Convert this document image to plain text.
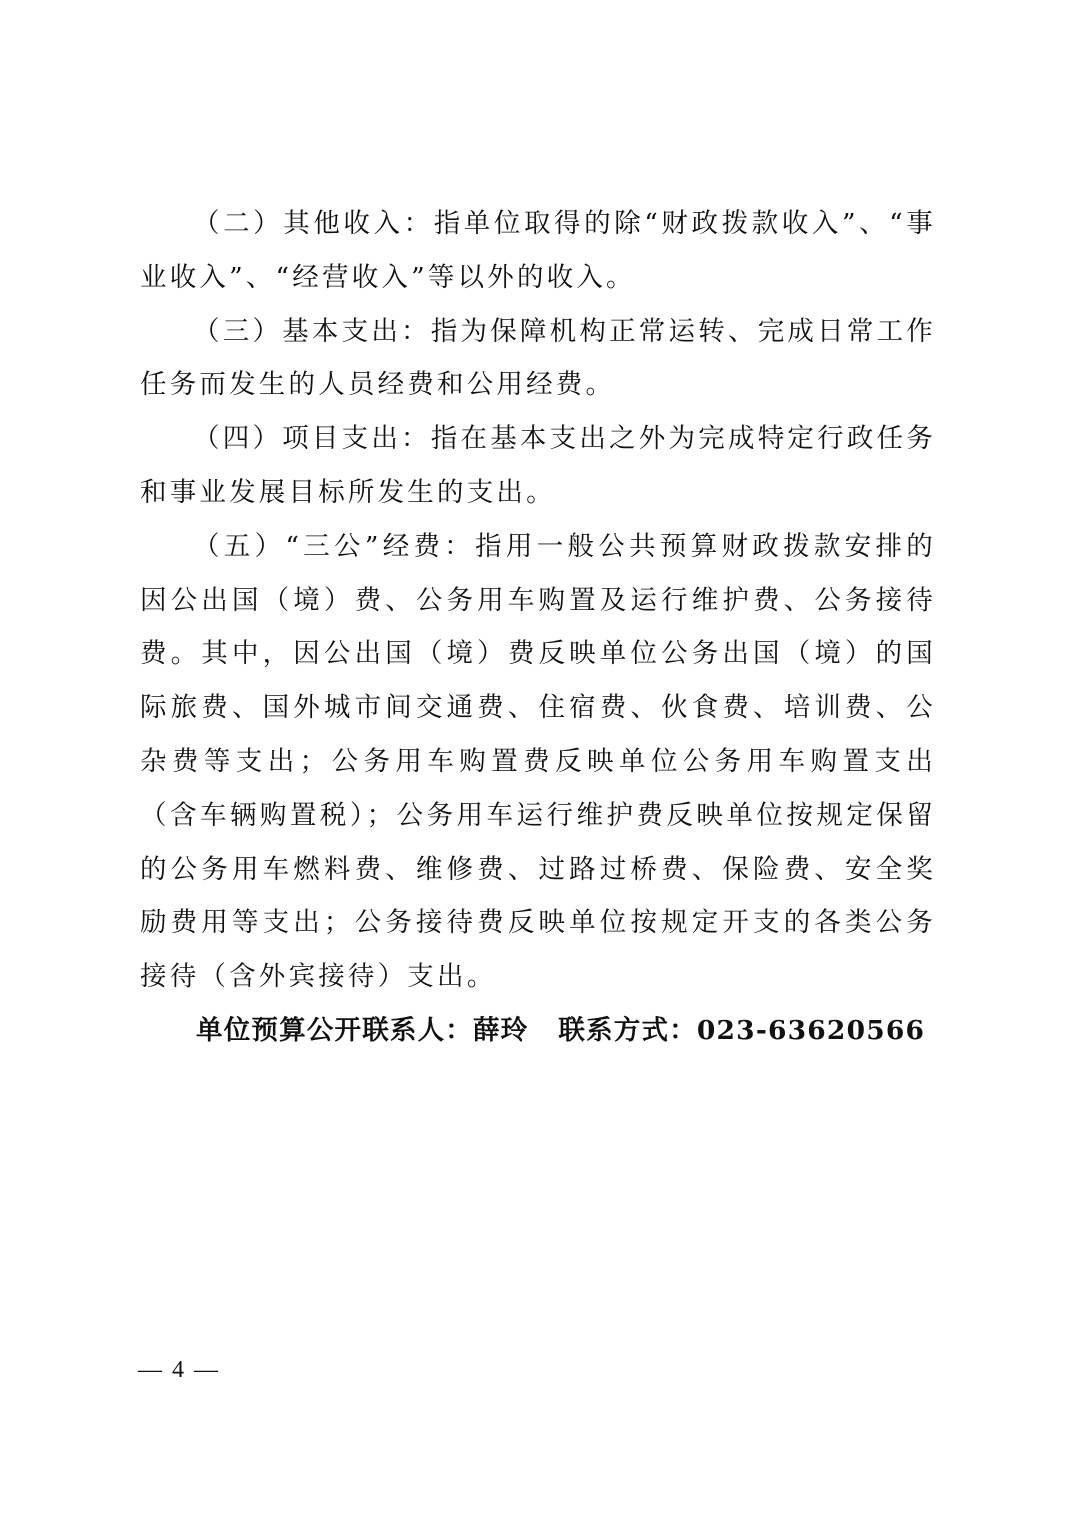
（二）其他收入：指单位取得的除“财政拨款收入”、“事业收入”、“经营收入”等以外的收入。

（三）基本支出：指为保障机构正常运转、完成日常工作任务而发生的人员经费和公用经费。

（四）项目支出：指在基本支出之外为完成特定行政任务和事业发展目标所发生的支出。

（五）“三公”经费：指用一般公共预算财政拨款安排的因公出国（境）费、公务用车购置及运行维护费、公务接待费。其中，因公出国（境）费反映单位公务出国（境）的国际旅费、国外城市间交通费、住宿费、伙食费、培训费、公杂费等支出；公务用车购置费反映单位公务用车购置支出（含车辆购置税）；公务用车运行维护费反映单位按规定保留的公务用车燃料费、维修费、过路过桥费、保险费、安全奖励费用等支出；公务接待费反映单位按规定开支的各类公务接待（含外宾接待）支出。

单位预算公开联系人：薛玲 联系方式：023-63620566

— 4 —
